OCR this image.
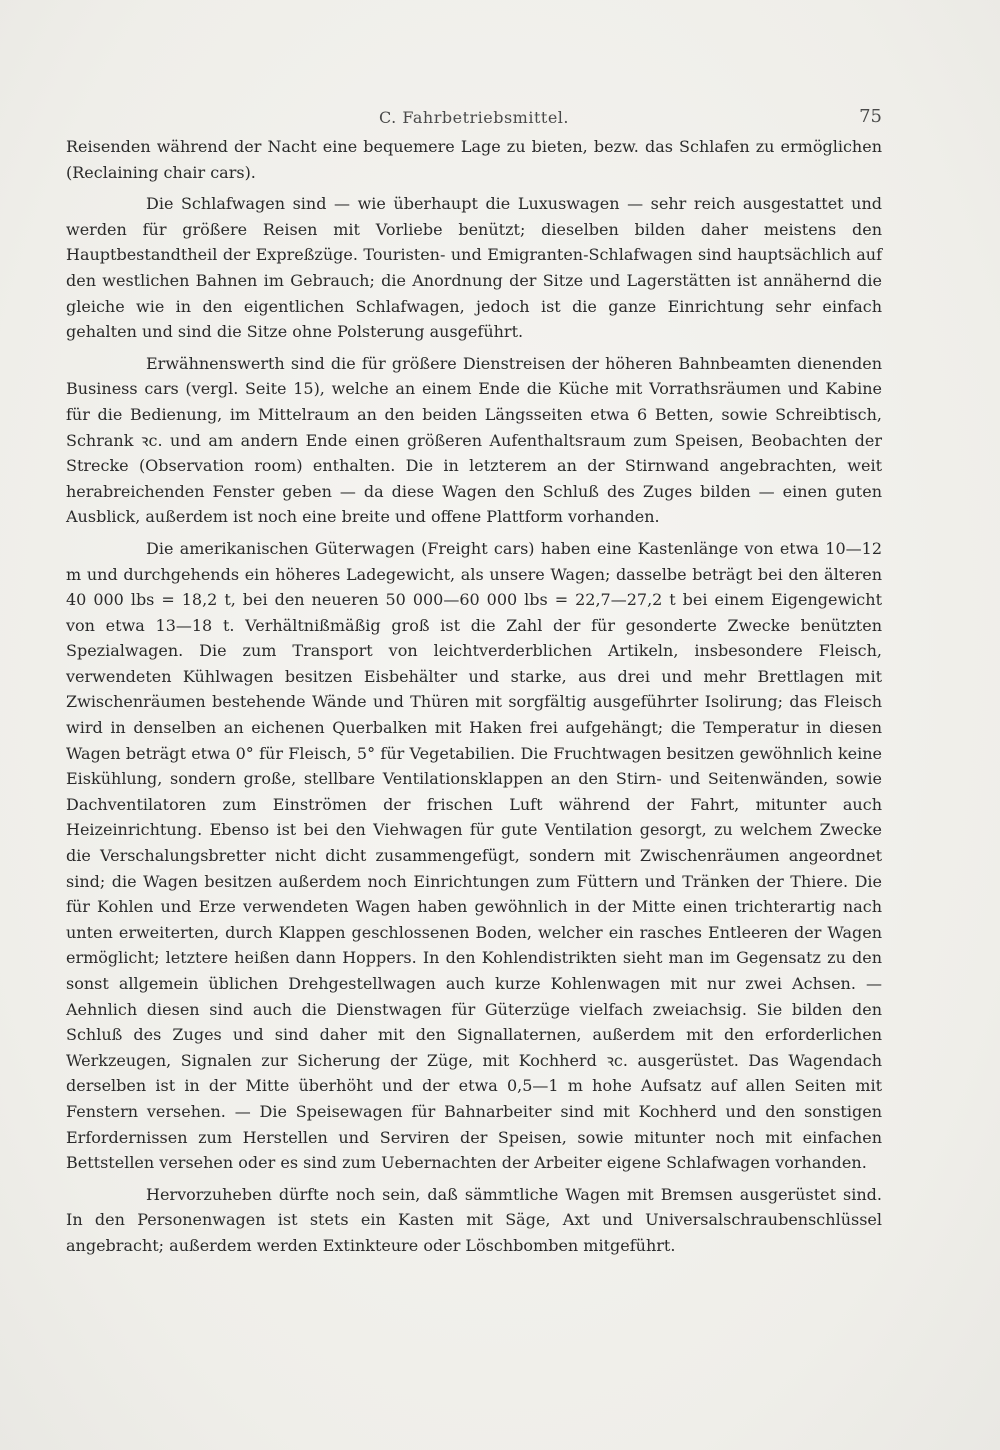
C. Fahrbetriebsmittel.	75

Reisenden während der Nacht eine bequemere Lage zu bieten, bezw. das Schlafen zu ermöglichen (Reclaining chair cars).

Die Schlafwagen sind — wie überhaupt die Luxuswagen — sehr reich ausgestattet und werden für größere Reisen mit Vorliebe benützt; dieselben bilden daher meistens den Hauptbestandtheil der Expreßzüge. Touristen- und Emigranten-Schlafwagen sind hauptsächlich auf den westlichen Bahnen im Gebrauch; die Anordnung der Sitze und Lagerstätten ist annähernd die gleiche wie in den eigentlichen Schlafwagen, jedoch ist die ganze Einrichtung sehr einfach gehalten und sind die Sitze ohne Polsterung ausgeführt.

Erwähnenswerth sind die für größere Dienstreisen der höheren Bahnbeamten dienenden Business cars (vergl. Seite 15), welche an einem Ende die Küche mit Vorrathsräumen und Kabine für die Bedienung, im Mittelraum an den beiden Längsseiten etwa 6 Betten, sowie Schreibtisch, Schrank ꝛc. und am andern Ende einen größeren Aufenthaltsraum zum Speisen, Beobachten der Strecke (Observation room) enthalten. Die in letzterem an der Stirnwand angebrachten, weit herabreichenden Fenster geben — da diese Wagen den Schluß des Zuges bilden — einen guten Ausblick, außerdem ist noch eine breite und offene Plattform vorhanden.

Die amerikanischen Güterwagen (Freight cars) haben eine Kastenlänge von etwa 10—12 m und durchgehends ein höheres Ladegewicht, als unsere Wagen; dasselbe beträgt bei den älteren 40 000 lbs = 18,2 t, bei den neueren 50 000—60 000 lbs = 22,7—27,2 t bei einem Eigengewicht von etwa 13—18 t. Verhältnißmäßig groß ist die Zahl der für gesonderte Zwecke benützten Spezialwagen. Die zum Transport von leichtverderblichen Artikeln, insbesondere Fleisch, verwendeten Kühlwagen besitzen Eisbehälter und starke, aus drei und mehr Brettlagen mit Zwischenräumen bestehende Wände und Thüren mit sorgfältig ausgeführter Isolirung; das Fleisch wird in denselben an eichenen Querbalken mit Haken frei aufgehängt; die Temperatur in diesen Wagen beträgt etwa 0° für Fleisch, 5° für Vegetabilien. Die Fruchtwagen besitzen gewöhnlich keine Eiskühlung, sondern große, stellbare Ventilationsklappen an den Stirn- und Seitenwänden, sowie Dachventilatoren zum Einströmen der frischen Luft während der Fahrt, mitunter auch Heizeinrichtung. Ebenso ist bei den Viehwagen für gute Ventilation gesorgt, zu welchem Zwecke die Verschalungsbretter nicht dicht zusammengefügt, sondern mit Zwischenräumen angeordnet sind; die Wagen besitzen außerdem noch Einrichtungen zum Füttern und Tränken der Thiere. Die für Kohlen und Erze verwendeten Wagen haben gewöhnlich in der Mitte einen trichterartig nach unten erweiterten, durch Klappen geschlossenen Boden, welcher ein rasches Entleeren der Wagen ermöglicht; letztere heißen dann Hoppers. In den Kohlendistrikten sieht man im Gegensatz zu den sonst allgemein üblichen Drehgestellwagen auch kurze Kohlenwagen mit nur zwei Achsen. — Aehnlich diesen sind auch die Dienstwagen für Güterzüge vielfach zweiachsig. Sie bilden den Schluß des Zuges und sind daher mit den Signallaternen, außerdem mit den erforderlichen Werkzeugen, Signalen zur Sicherung der Züge, mit Kochherd ꝛc. ausgerüstet. Das Wagendach derselben ist in der Mitte überhöht und der etwa 0,5—1 m hohe Aufsatz auf allen Seiten mit Fenstern versehen. — Die Speisewagen für Bahnarbeiter sind mit Kochherd und den sonstigen Erfordernissen zum Herstellen und Serviren der Speisen, sowie mitunter noch mit einfachen Bettstellen versehen oder es sind zum Uebernachten der Arbeiter eigene Schlafwagen vorhanden.

Hervorzuheben dürfte noch sein, daß sämmtliche Wagen mit Bremsen ausgerüstet sind. In den Personenwagen ist stets ein Kasten mit Säge, Axt und Universalschraubenschlüssel angebracht; außerdem werden Extinkteure oder Löschbomben mitgeführt.
